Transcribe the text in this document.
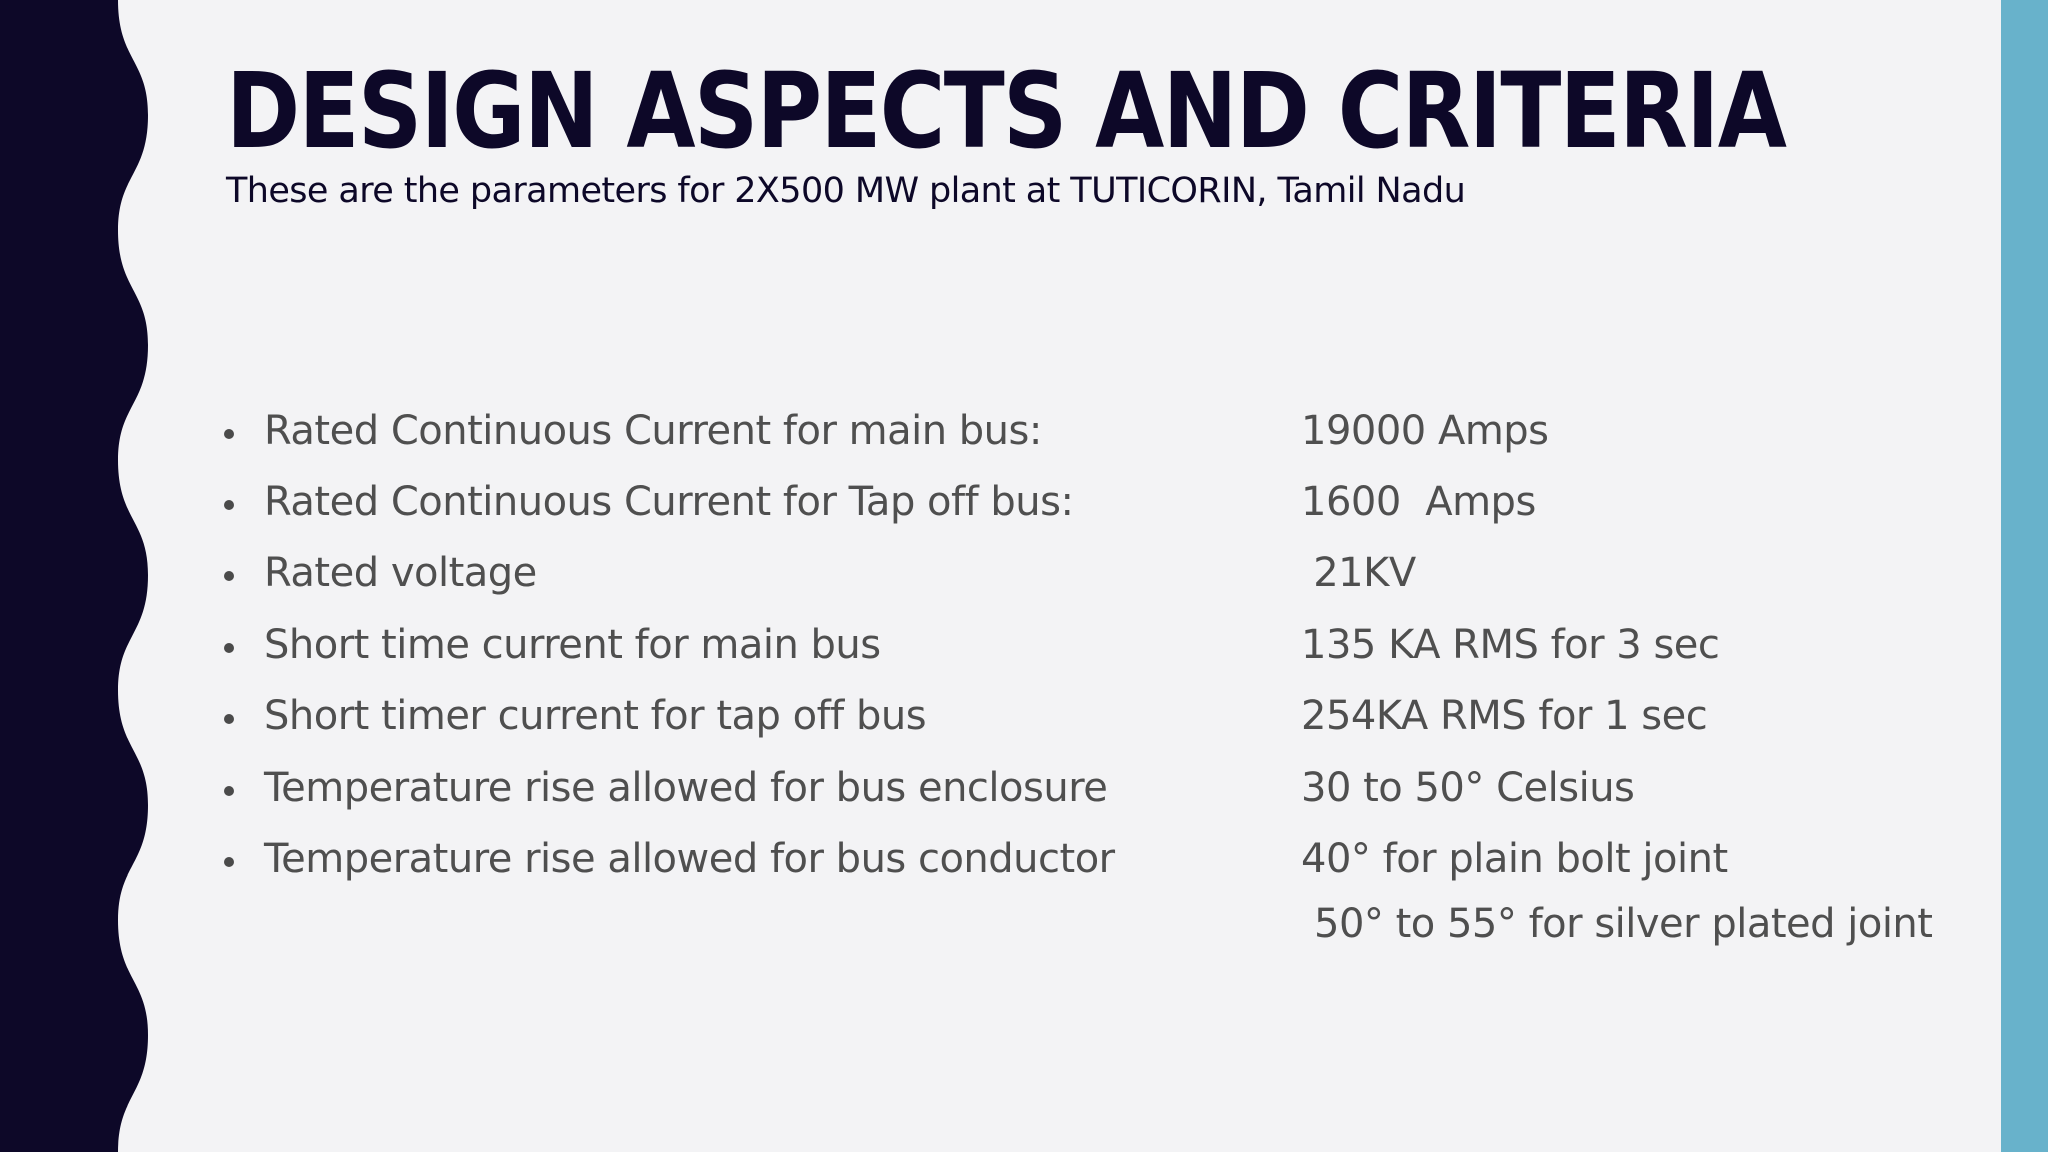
DESIGN ASPECTS AND CRITERIA

These are the parameters for 2X500 MW plant at TUTICORIN, Tamil Nadu

Rated Continuous Current for main bus:	19000 Amps
Rated Continuous Current for Tap off bus:	1600  Amps
Rated voltage	21KV
Short time current for main bus	135 KA RMS for 3 sec
Short timer current for tap off bus	254KA RMS for 1 sec
Temperature rise allowed for bus enclosure	30 to 50° Celsius
Temperature rise allowed for bus conductor	40° for plain bolt joint
50° to 55° for silver plated joint
